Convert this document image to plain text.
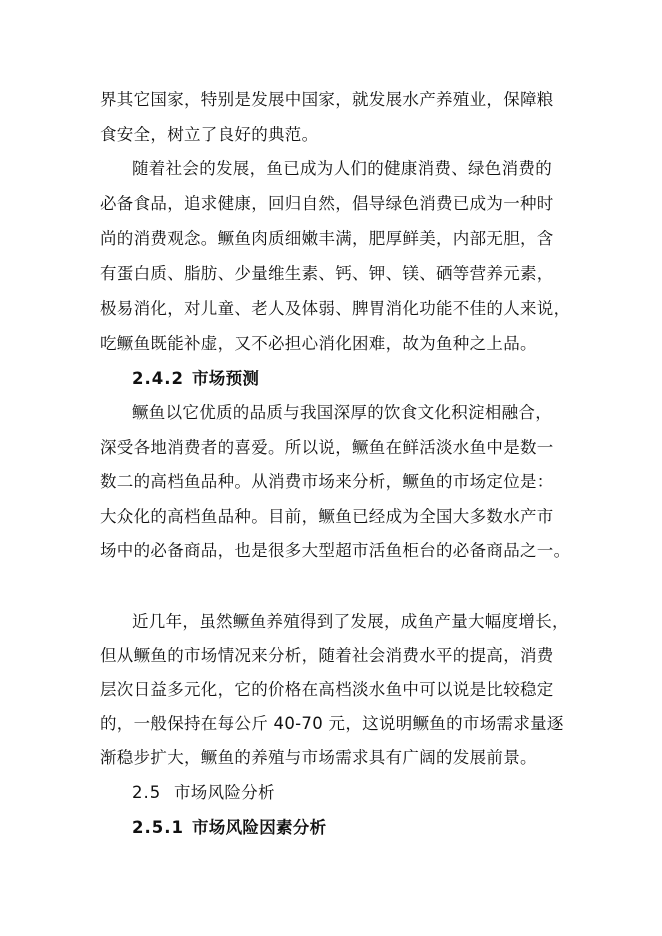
界其它国家，特别是发展中国家，就发展水产养殖业，保障粮
食安全，树立了良好的典范。
随着社会的发展，鱼已成为人们的健康消费、绿色消费的
必备食品，追求健康，回归自然，倡导绿色消费已成为一种时
尚的消费观念。鳜鱼肉质细嫩丰满，肥厚鲜美，内部无胆，含
有蛋白质、脂肪、少量维生素、钙、钾、镁、硒等营养元素，
极易消化，对儿童、老人及体弱、脾胃消化功能不佳的人来说，
吃鳜鱼既能补虚，又不必担心消化困难，故为鱼种之上品。
2.4.2 市场预测
鳜鱼以它优质的品质与我国深厚的饮食文化积淀相融合，
深受各地消费者的喜爱。所以说，鳜鱼在鲜活淡水鱼中是数一
数二的高档鱼品种。从消费市场来分析，鳜鱼的市场定位是：
大众化的高档鱼品种。目前，鳜鱼已经成为全国大多数水产市
场中的必备商品，也是很多大型超市活鱼柜台的必备商品之一。
近几年，虽然鳜鱼养殖得到了发展，成鱼产量大幅度增长，
但从鳜鱼的市场情况来分析，随着社会消费水平的提高，消费
层次日益多元化，它的价格在高档淡水鱼中可以说是比较稳定
的，一般保持在每公斤 40-70 元，这说明鳜鱼的市场需求量逐
渐稳步扩大，鳜鱼的养殖与市场需求具有广阔的发展前景。
2.5 市场风险分析
2.5.1 市场风险因素分析
